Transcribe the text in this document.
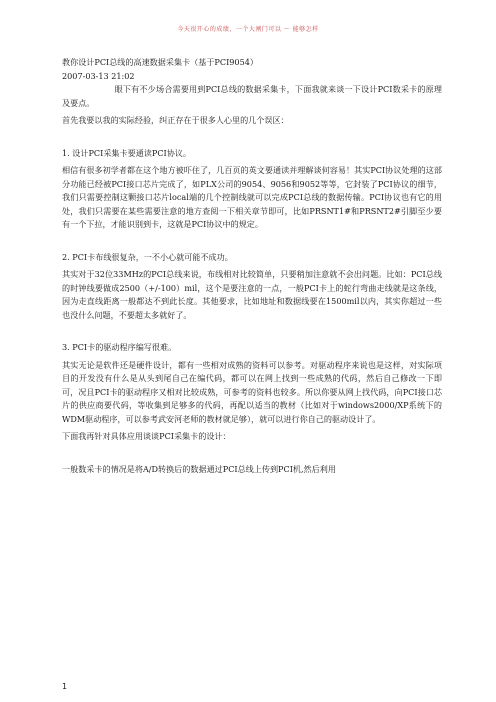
今天很开心的成绩，一个大闸门可以 ～ 能够怎样

教你设计PCI总线的高速数据采集卡（基于PCI9054）

2007-03-13 21:02

眼下有不少场合需要用到PCI总线的数据采集卡，下面我就来谈一下设计PCI数采卡的原理及要点。

首先我要以我的实际经验，纠正存在于很多人心里的几个误区：

1. 设计PCI采集卡要通读PCI协议。

相信有很多初学者都在这个地方被吓住了，几百页的英文要通读并理解谈何容易！其实PCI协议处理的这部分功能已经被PCI接口芯片完成了，如PLX公司的9054、9056和9052等等，它封装了PCI协议的细节，我们只需要控制这颗接口芯片local端的几个控制线就可以完成PCI总线的数据传输。PCI协议也有它的用处，我们只需要在某些需要注意的地方查阅一下相关章节即可，比如PRSNT1#和PRSNT2#引脚至少要有一个下拉，才能识别到卡，这就是PCI协议中的规定。

2. PCI卡布线很复杂，一不小心就可能不成功。

其实对于32位33MHz的PCI总线来说，布线相对比较简单，只要稍加注意就不会出问题。比如：PCI总线的时钟线要做成2500（+/-100）mil，这个是要注意的一点，一般PCI卡上的蛇行弯曲走线就是这条线，因为走直线距离一般都达不到此长度。其他要求，比如地址和数据线要在1500mil以内，其实你超过一些也没什么问题，不要超太多就好了。

3. PCI卡的驱动程序编写很难。

其实无论是软件还是硬件设计，都有一些相对成熟的资料可以参考。对驱动程序来说也是这样，对实际项目的开发没有什么是从头到尾自己在编代码，都可以在网上找到一些成熟的代码，然后自己修改一下即可，况且PCI卡的驱动程序又相对比较成熟，可参考的资料也较多。所以你要从网上找代码，向PCI接口芯片的供应商要代码，等收集到足够多的代码，再配以适当的教材（比如对于windows2000/XP系统下的WDM驱动程序，可以参考武安河老师的教材就足够），就可以进行你自己的驱动设计了。

下面我再针对具体应用谈谈PCI采集卡的设计：

一般数采卡的情况是将A/D转换后的数据通过PCI总线上传到PCI机,然后利用

1
